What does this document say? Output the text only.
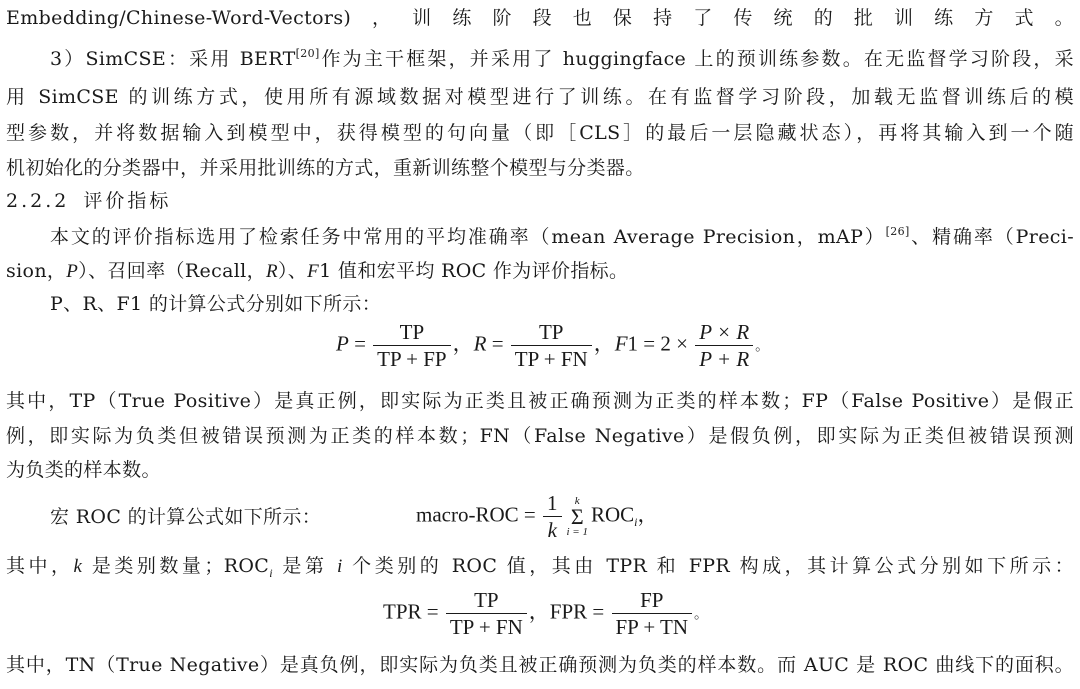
Embedding/Chinese-Word-Vectors)，训练阶段也保持了传统的批训练方式。
3）SimCSE：采用 BERT[20]作为主干框架，并采用了 huggingface 上的预训练参数。在无监督学习阶段，采
用 SimCSE 的训练方式，使用所有源域数据对模型进行了训练。在有监督学习阶段，加载无监督训练后的模
型参数，并将数据输入到模型中，获得模型的句向量（即［CLS］的最后一层隐藏状态），再将其输入到一个随
机初始化的分类器中，并采用批训练的方式，重新训练整个模型与分类器。
2.2.2 评价指标
本文的评价指标选用了检索任务中常用的平均准确率（mean Average Precision，mAP）[26]、精确率（Preci-
sion，P）、召回率（Recall，R）、F1 值和宏平均 ROC 作为评价指标。
P、R、F1 的计算公式分别如下所示：
$P = \frac{TP}{TP + FP}$ ，$R = \frac{TP}{TP + FN}$ ，$F1 = 2 \times \frac{P \times R}{P + R}$ 。
其中，TP（True Positive）是真正例，即实际为正类且被正确预测为正类的样本数；FP（False Positive）是假正
例，即实际为负类但被错误预测为正类的样本数；FN（False Negative）是假负例，即实际为正类但被错误预测
为负类的样本数。
宏 ROC 的计算公式如下所示：	macro-ROC = $\frac{1}{k}$	k
Σ
i = 1
$ROC_i$，
其中，k 是类别数量；$ROC_i$ 是第 i 个类别的 ROC 值，其由 TPR 和 FPR 构成，其计算公式分别如下所示：
TPR = $\frac{TP}{TP + FN}$ ，FPR = $\frac{FP}{FP + TN}$ 。
其中，TN（True Negative）是真负例，即实际为负类且被正确预测为负类的样本数。而 AUC 是 ROC 曲线下的面积。
